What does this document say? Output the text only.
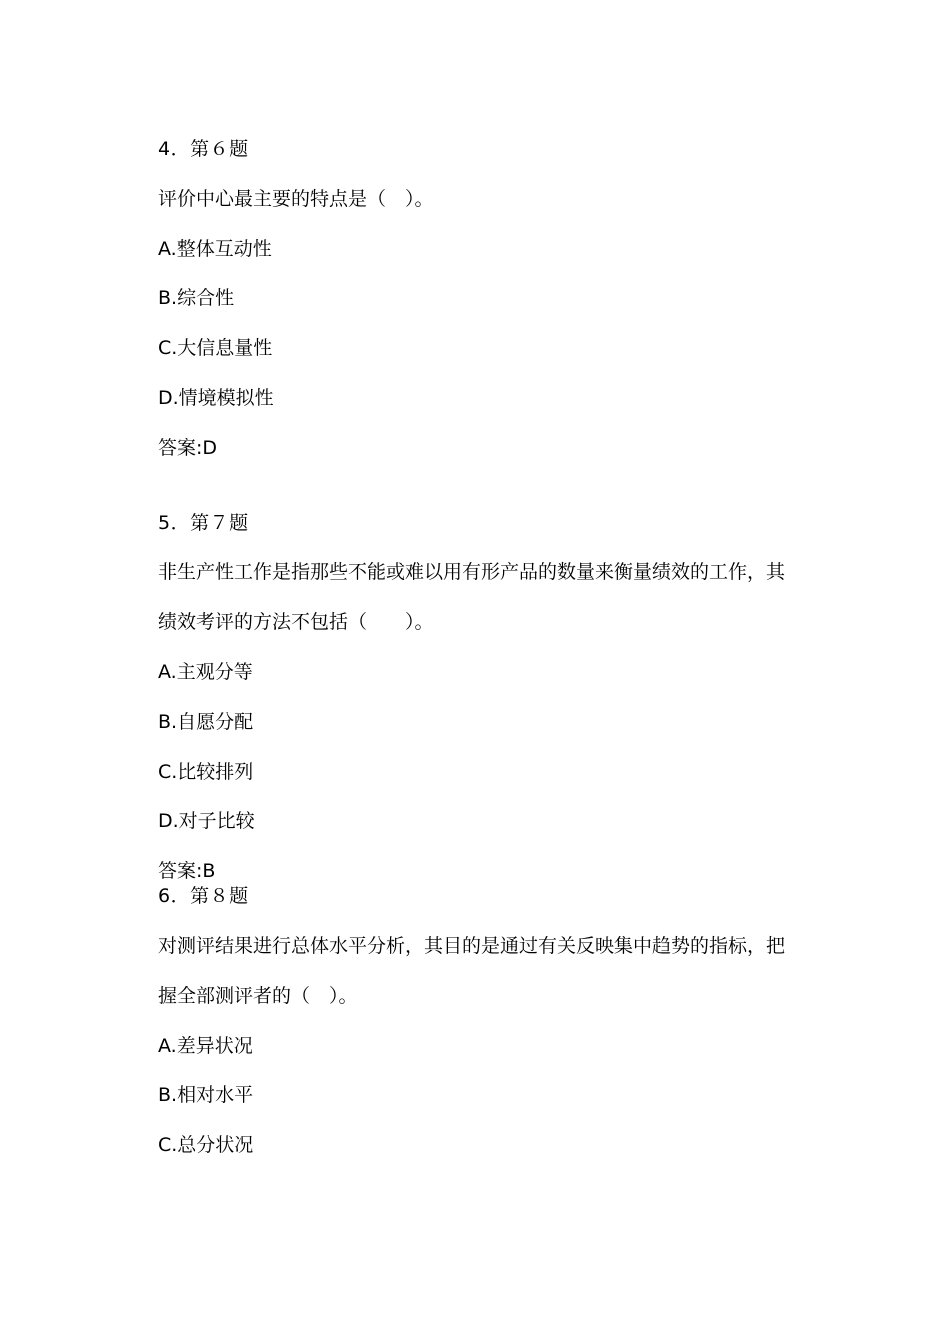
4．第６题
评价中心最主要的特点是（　）。
A.整体互动性
B.综合性
C.大信息量性
D.情境模拟性
答案:D
5．第７题
非生产性工作是指那些不能或难以用有形产品的数量来衡量绩效的工作，其
绩效考评的方法不包括（　　）。
A.主观分等
B.自愿分配
C.比较排列
D.对子比较
答案:B
6．第８题
对测评结果进行总体水平分析，其目的是通过有关反映集中趋势的指标，把
握全部测评者的（　）。
A.差异状况
B.相对水平
C.总分状况
